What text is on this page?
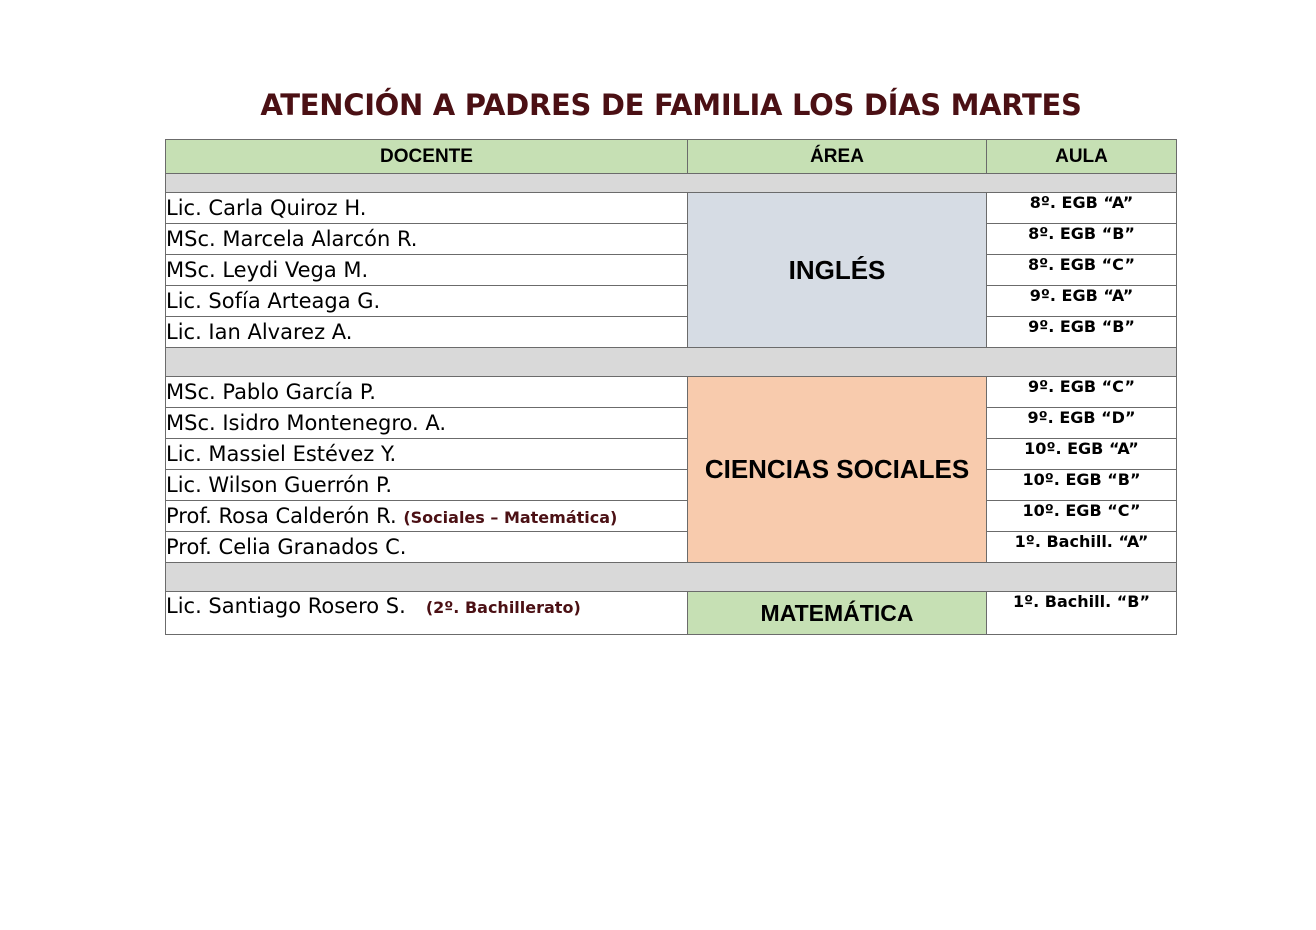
ATENCIÓN A PADRES DE FAMILIA LOS DÍAS MARTES
DOCENTE	ÁREA	AULA

Lic. Carla Quiroz H.	INGLÉS	8º. EGB “A”
MSc. Marcela Alarcón R.		8º. EGB “B”
MSc. Leydi Vega M.		8º. EGB “C”
Lic. Sofía Arteaga G.		9º. EGB “A”
Lic. Ian Alvarez A.		9º. EGB “B”

MSc. Pablo García P.	CIENCIAS SOCIALES	9º. EGB “C”
MSc. Isidro Montenegro. A.		9º. EGB “D”
Lic. Massiel Estévez Y.		10º. EGB “A”
Lic. Wilson Guerrón P.		10º. EGB “B”
Prof. Rosa Calderón R. (Sociales – Matemática)		10º. EGB “C”
Prof. Celia Granados C.		1º. Bachill. “A”

Lic. Santiago Rosero S. (2º. Bachillerato)	MATEMÁTICA	1º. Bachill. “B”
